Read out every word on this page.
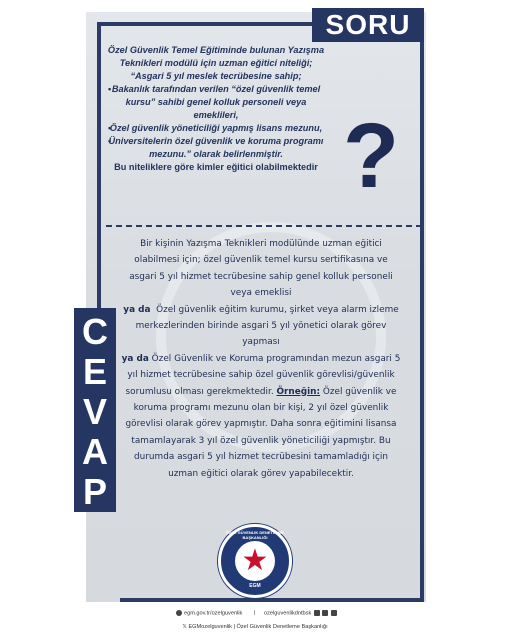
SORU
C
E
V
A
P

Özel Güvenlik Temel Eğitiminde bulunan Yazışma Teknikleri modülü için uzman eğitici niteliği; “Asgari 5 yıl meslek tecrübesine sahip;

• Bakanlık tarafından verilen “özel güvenlik temel kursu” sahibi genel kolluk personeli veya emeklileri,
• Özel güvenlik yöneticiliği yapmış lisans mezunu,
• Üniversitelerin özel güvenlik ve koruma programı mezunu.” olarak belirlenmiştir.

Bu niteliklere göre kimler eğitici olabilmektedir ?
Bir kişinin Yazışma Teknikleri modülünde uzman eğitici olabilmesi için; özel güvenlik temel kursu sertifikasına ve asgari 5 yıl hizmet tecrübesine sahip genel kolluk personeli veya emeklisi
ya da Özel güvenlik eğitim kurumu, şirket veya alarm izleme merkezlerinden birinde asgari 5 yıl yönetici olarak görev yapması
ya da Özel Güvenlik ve Koruma programından mezun asgari 5 yıl hizmet tecrübesine sahip özel güvenlik görevlisi/güvenlik sorumlusu olması gerekmektedir. Örneğin: Özel güvenlik ve koruma programı mezunu olan bir kişi, 2 yıl özel güvenlik görevlisi olarak görev yapmıştır. Daha sonra eğitimini lisansa tamamlayarak 3 yıl özel güvenlik yöneticiliği yapmıştır. Bu durumda asgari 5 yıl hizmet tecrübesini tamamladığı için uzman eğitici olarak görev yapabilecektir.
ÖZEL GÜVENLİK DENETLEME BAŞKANLIĞI
★
EGM
egm.gov.tr/ozelguvenlik | ozelguvenlikdntbsk
𝕏 EGMozelguvenlik | Özel Güvenlik Denetleme Başkanlığı
